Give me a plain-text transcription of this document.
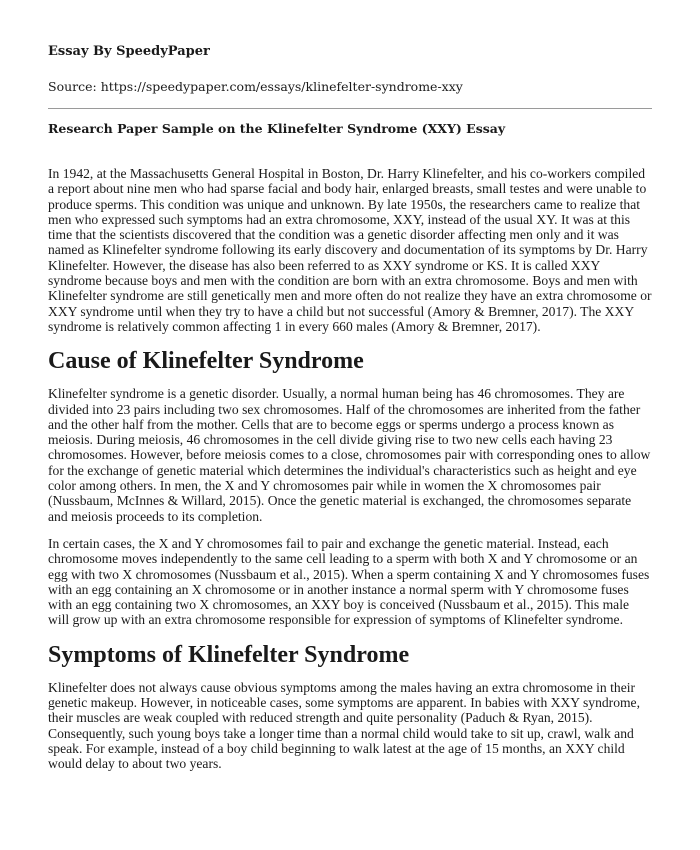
Essay By SpeedyPaper

Source: https://speedypaper.com/essays/klinefelter-syndrome-xxy

Research Paper Sample on the Klinefelter Syndrome (XXY) Essay

In 1942, at the Massachusetts General Hospital in Boston, Dr. Harry Klinefelter, and his co-workers compiled a report about nine men who had sparse facial and body hair, enlarged breasts, small testes and were unable to produce sperms. This condition was unique and unknown. By late 1950s, the researchers came to realize that men who expressed such symptoms had an extra chromosome, XXY, instead of the usual XY. It was at this time that the scientists discovered that the condition was a genetic disorder affecting men only and it was named as Klinefelter syndrome following its early discovery and documentation of its symptoms by Dr. Harry Klinefelter. However, the disease has also been referred to as XXY syndrome or KS. It is called XXY syndrome because boys and men with the condition are born with an extra chromosome. Boys and men with Klinefelter syndrome are still genetically men and more often do not realize they have an extra chromosome or XXY syndrome until when they try to have a child but not successful (Amory & Bremner, 2017). The XXY syndrome is relatively common affecting 1 in every 660 males (Amory & Bremner, 2017).

Cause of Klinefelter Syndrome

Klinefelter syndrome is a genetic disorder. Usually, a normal human being has 46 chromosomes. They are divided into 23 pairs including two sex chromosomes. Half of the chromosomes are inherited from the father and the other half from the mother. Cells that are to become eggs or sperms undergo a process known as meiosis. During meiosis, 46 chromosomes in the cell divide giving rise to two new cells each having 23 chromosomes. However, before meiosis comes to a close, chromosomes pair with corresponding ones to allow for the exchange of genetic material which determines the individual's characteristics such as height and eye color among others. In men, the X and Y chromosomes pair while in women the X chromosomes pair (Nussbaum, McInnes & Willard, 2015). Once the genetic material is exchanged, the chromosomes separate and meiosis proceeds to its completion.

In certain cases, the X and Y chromosomes fail to pair and exchange the genetic material. Instead, each chromosome moves independently to the same cell leading to a sperm with both X and Y chromosome or an egg with two X chromosomes (Nussbaum et al., 2015). When a sperm containing X and Y chromosomes fuses with an egg containing an X chromosome or in another instance a normal sperm with Y chromosome fuses with an egg containing two X chromosomes, an XXY boy is conceived (Nussbaum et al., 2015). This male will grow up with an extra chromosome responsible for expression of symptoms of Klinefelter syndrome.

Symptoms of Klinefelter Syndrome

Klinefelter does not always cause obvious symptoms among the males having an extra chromosome in their genetic makeup. However, in noticeable cases, some symptoms are apparent. In babies with XXY syndrome, their muscles are weak coupled with reduced strength and quite personality (Paduch & Ryan, 2015). Consequently, such young boys take a longer time than a normal child would take to sit up, crawl, walk and speak. For example, instead of a boy child beginning to walk latest at the age of 15 months, an XXY child would delay to about two years.
